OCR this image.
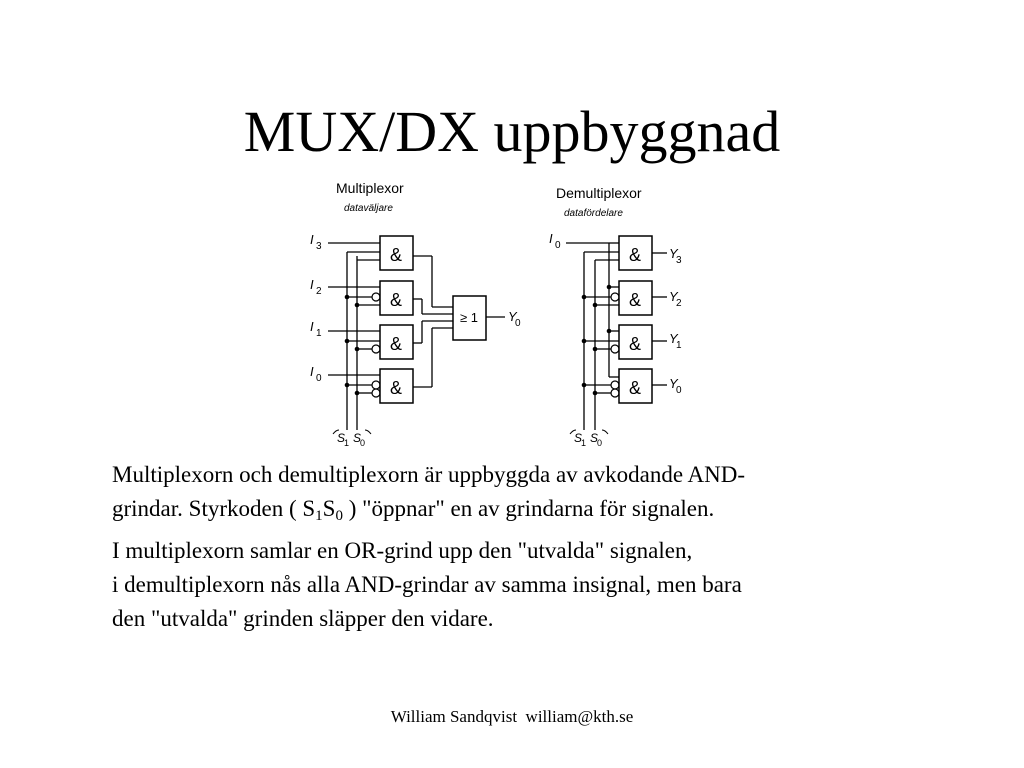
MUX/DX uppbyggnad
Multiplexor
dataväljare
I 3
I 2
I 1
I 0
&
&
&
&
≥ 1 Y
0
S
1 S
0
Demultiplexor
datafördelare
I 0	&
&
&
&
Y
3
Y
2
Y
1
Y
0
S
1 S
0

Multiplexorn och demultiplexorn är uppbyggda av avkodande AND-
grindar. Styrkoden ( $S_1S_0$ ) "öppnar" en av grindarna för signalen.

I multiplexorn samlar en OR-grind upp den "utvalda" signalen,
i demultiplexorn nås alla AND-grindar av samma insignal, men bara
den "utvalda" grinden släpper den vidare.

William Sandqvist  william@kth.se
